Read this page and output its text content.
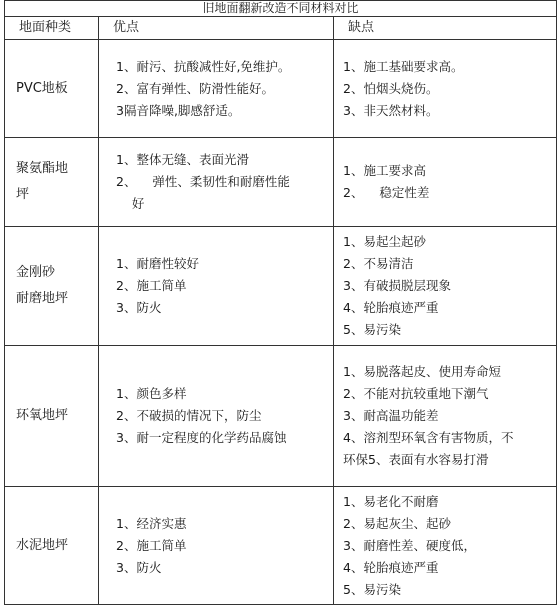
旧地面翻新改造不同材料对比
地面种类	优点	缺点
PVC地板
1、耐污、抗酸减性好,免维护。
2、富有弹性、防滑性能好。
3隔音降噪,脚感舒适。
1、施工基础要求高。
2、怕烟头烧伤。
3、非天然材料。
聚氨酯地
坪
1、整体无缝、表面光滑
2、    弹性、柔韧性和耐磨性能
好
1、施工要求高
2、    稳定性差
金刚砂
耐磨地坪
1、耐磨性较好
2、施工简单
3、防火
1、易起尘起砂
2、不易清洁
3、有破损脱层现象
4、轮胎痕迹严重
5、易污染
环氧地坪
1、颜色多样
2、不破损的情况下，防尘
3、耐一定程度的化学药品腐蚀
1、易脱落起皮、使用寿命短
2、不能对抗较重地下潮气
3、耐高温功能差
4、溶剂型环氧含有害物质，不
环保5、表面有水容易打滑
水泥地坪
1、经济实惠
2、施工简单
3、防火
1、易老化不耐磨
2、易起灰尘、起砂
3、耐磨性差、硬度低，
4、轮胎痕迹严重
5、易污染
